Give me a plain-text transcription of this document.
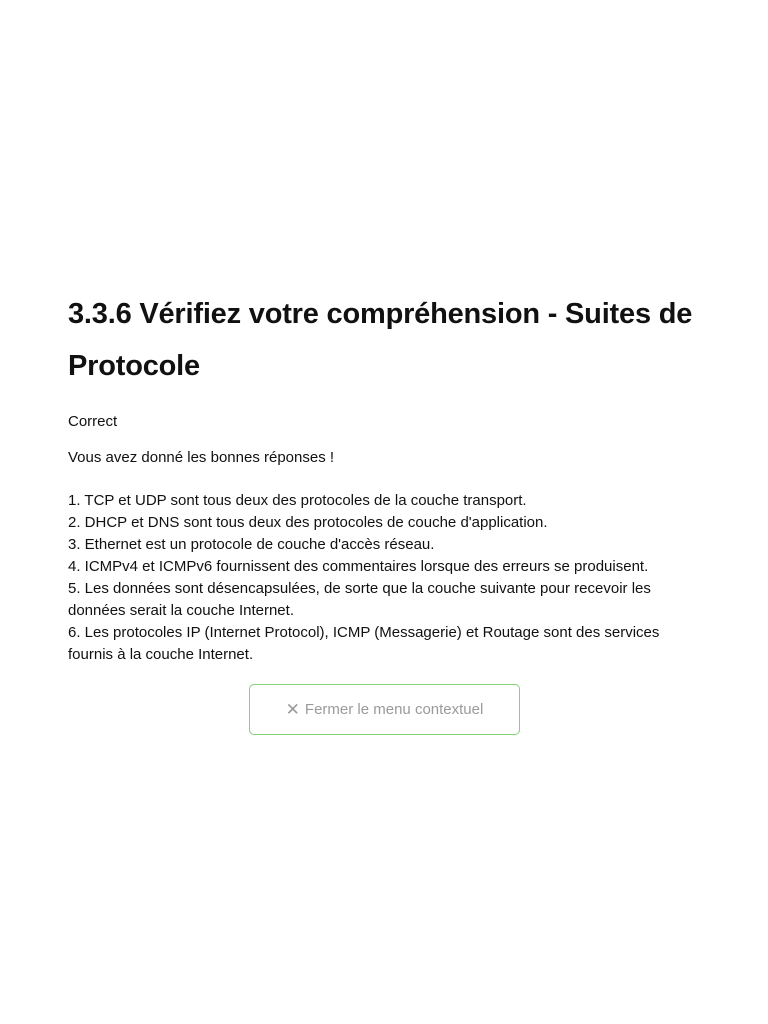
3.3.6 Vérifiez votre compréhension - Suites de Protocole
Correct
Vous avez donné les bonnes réponses !
1. TCP et UDP sont tous deux des protocoles de la couche transport.
2. DHCP et DNS sont tous deux des protocoles de couche d'application.
3. Ethernet est un protocole de couche d'accès réseau.
4. ICMPv4 et ICMPv6 fournissent des commentaires lorsque des erreurs se produisent.
5. Les données sont désencapsulées, de sorte que la couche suivante pour recevoir les données serait la couche Internet.
6. Les protocoles IP (Internet Protocol), ICMP (Messagerie) et Routage sont des services fournis à la couche Internet.
✕ Fermer le menu contextuel
